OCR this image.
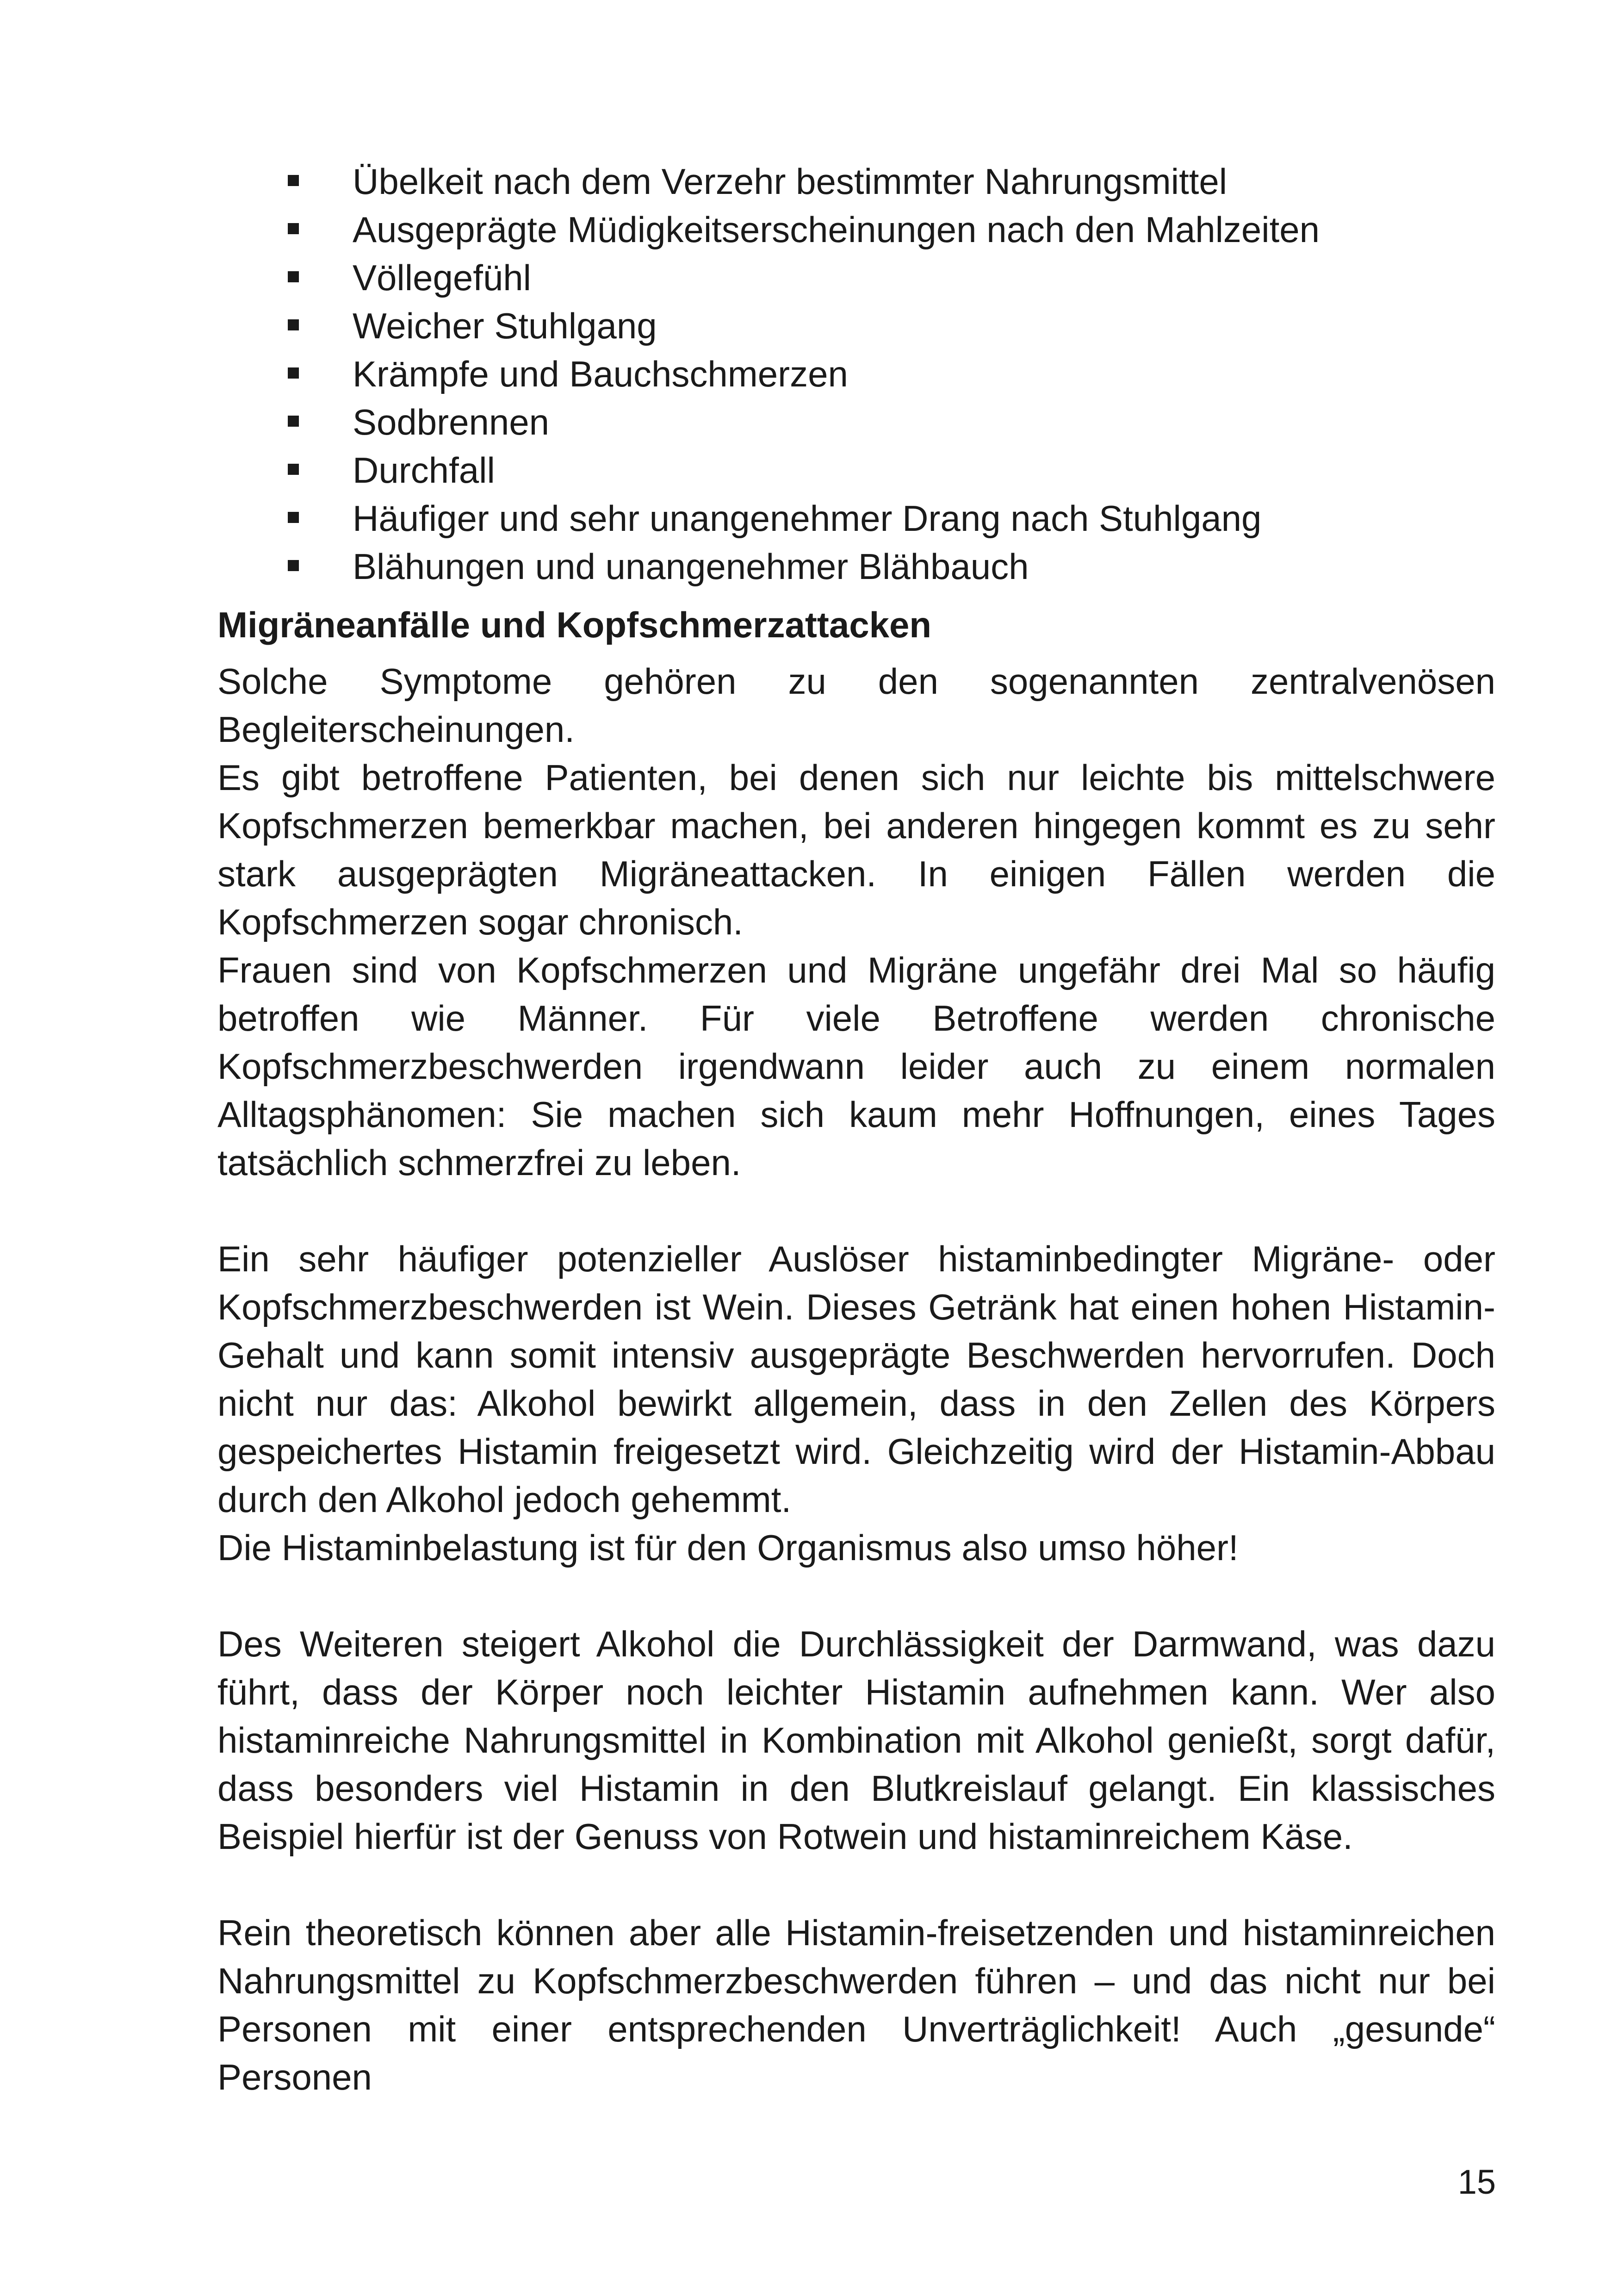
Übelkeit nach dem Verzehr bestimmter Nahrungsmittel
Ausgeprägte Müdigkeitserscheinungen nach den Mahlzeiten
Völlegefühl
Weicher Stuhlgang
Krämpfe und Bauchschmerzen
Sodbrennen
Durchfall
Häufiger und sehr unangenehmer Drang nach Stuhlgang
Blähungen und unangenehmer Blähbauch
Migräneanfälle und Kopfschmerzattacken

Solche Symptome gehören zu den sogenannten zentralvenösen Begleiterscheinungen.

Es gibt betroffene Patienten, bei denen sich nur leichte bis mittelschwere Kopfschmerzen bemerkbar machen, bei anderen hingegen kommt es zu sehr stark ausgeprägten Migräneattacken. In einigen Fällen werden die Kopfschmerzen sogar chronisch.

Frauen sind von Kopfschmerzen und Migräne ungefähr drei Mal so häufig betroffen wie Männer. Für viele Betroffene werden chronische Kopfschmerzbeschwerden irgendwann leider auch zu einem normalen Alltagsphänomen: Sie machen sich kaum mehr Hoffnungen, eines Tages tatsächlich schmerzfrei zu leben.

Ein sehr häufiger potenzieller Auslöser histaminbedingter Migräne- oder Kopfschmerzbeschwerden ist Wein. Dieses Getränk hat einen hohen Histamin-Gehalt und kann somit intensiv ausgeprägte Beschwerden hervorrufen. Doch nicht nur das: Alkohol bewirkt allgemein, dass in den Zellen des Körpers gespeichertes Histamin freigesetzt wird. Gleichzeitig wird der Histamin-Abbau durch den Alkohol jedoch gehemmt.

Die Histaminbelastung ist für den Organismus also umso höher!

Des Weiteren steigert Alkohol die Durchlässigkeit der Darmwand, was dazu führt, dass der Körper noch leichter Histamin aufnehmen kann. Wer also histaminreiche Nahrungsmittel in Kombination mit Alkohol genießt, sorgt dafür, dass besonders viel Histamin in den Blutkreislauf gelangt. Ein klassisches Beispiel hierfür ist der Genuss von Rotwein und histaminreichem Käse.

Rein theoretisch können aber alle Histamin-freisetzenden und histaminreichen Nahrungsmittel zu Kopfschmerzbeschwerden führen – und das nicht nur bei Personen mit einer entsprechenden Unverträglichkeit! Auch „gesunde“ Personen

15
